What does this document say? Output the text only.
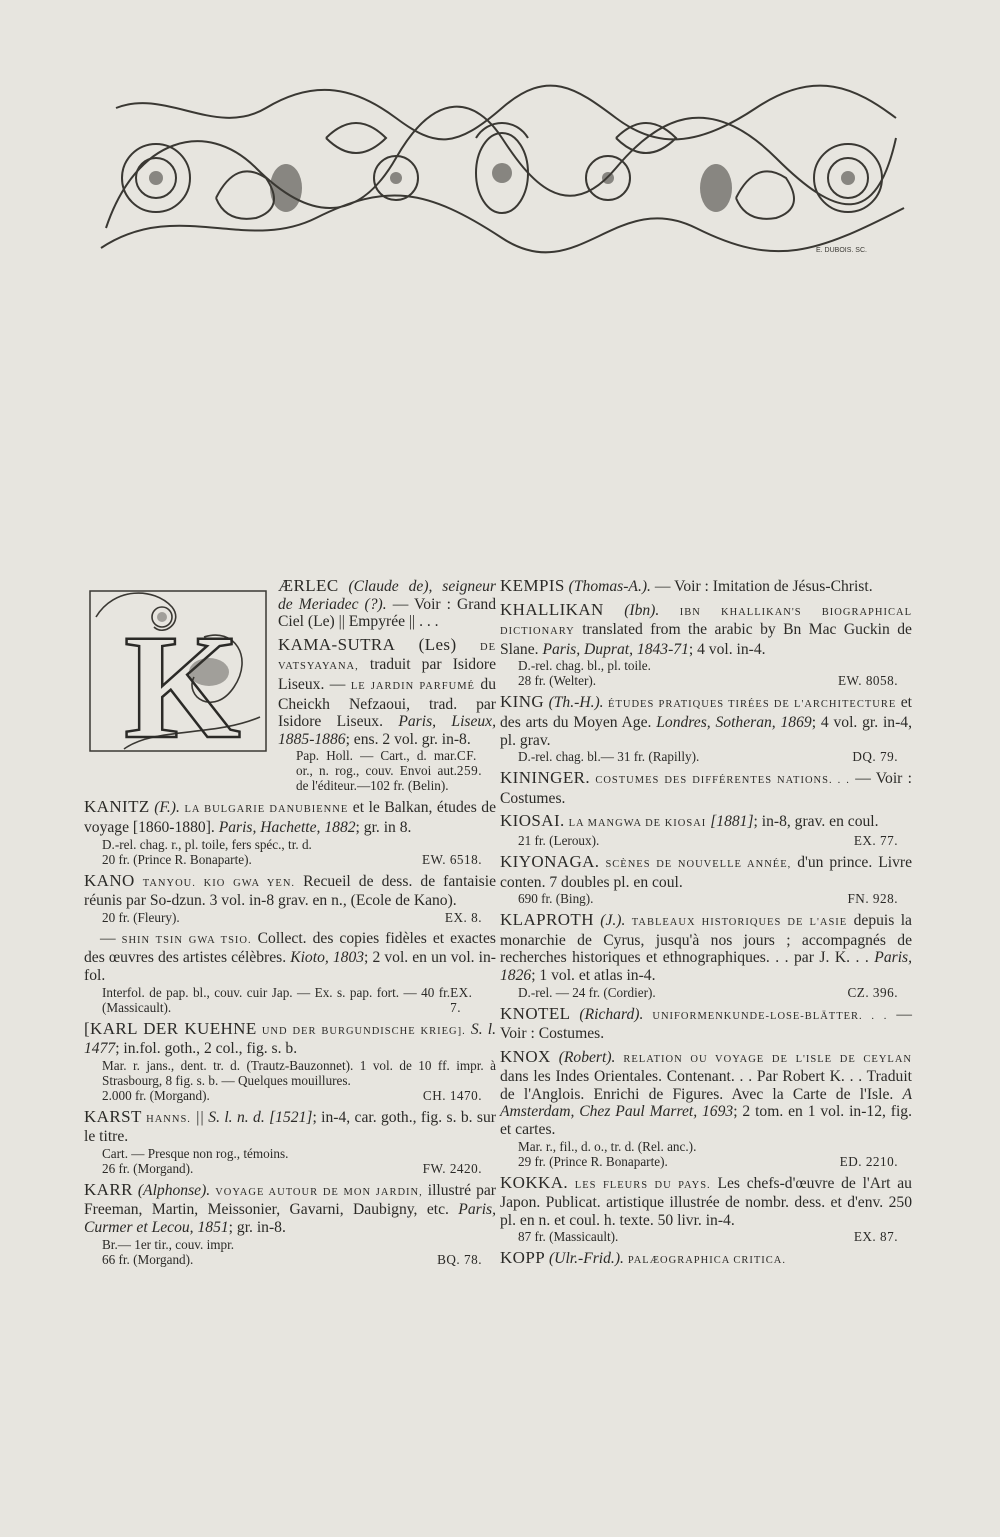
E. DUBOIS. SC.
K

ÆRLEC (Claude de), seigneur de Meriadec (?). — Voir : Grand Ciel (Le) || Empyrée || . . .

KAMA-SUTRA (Les) DE VATSYAYANA, traduit par Isidore Liseux. — LE JARDIN PARFUMÉ du Cheickh Nefzaoui, trad. par Isidore Liseux. Paris, Liseux, 1885-1886; ens. 2 vol. gr. in-8.

Pap. Holl. — Cart., d. mar. or., n. rog., couv. Envoi aut. de l'éditeur.—102 fr. (Belin).
CF. 259.

KANITZ (F.). LA BULGARIE DANUBIENNE et le Balkan, études de voyage [1860-1880]. Paris, Hachette, 1882; gr. in 8.

D.-rel. chag. r., pl. toile, fers spéc., tr. d.

20 fr. (Prince R. Bonaparte).	EW. 6518.

KANO TANYOU. KIO GWA YEN. Recueil de dess. de fantaisie réunis par So-dzun. 3 vol. in-8 grav. en n., (Ecole de Kano).

20 fr. (Fleury).	EX. 8.

— SHIN TSIN GWA TSIO. Collect. des copies fidèles et exactes des œuvres des artistes célèbres. Kioto, 1803; 2 vol. en un vol. in-fol.

Interfol. de pap. bl., couv. cuir Jap. — Ex. s. pap. fort. — 40 fr. (Massicault).
EX. 7.

[KARL DER KUEHNE UND DER BURGUNDISCHE KRIEG]. S. l. 1477; in.fol. goth., 2 col., fig. s. b.

Mar. r. jans., dent. tr. d. (Trautz-Bauzonnet). 1 vol. de 10 ff. impr. à Strasbourg, 8 fig. s. b. — Quelques mouillures.

2.000 fr. (Morgand).	CH. 1470.

KARST HANNS. || S. l. n. d. [1521]; in-4, car. goth., fig. s. b. sur le titre.

Cart. — Presque non rog., témoins.

26 fr. (Morgand).	FW. 2420.

KARR (Alphonse). VOYAGE AUTOUR DE MON JARDIN, illustré par Freeman, Martin, Meissonier, Gavarni, Daubigny, etc. Paris, Curmer et Lecou, 1851; gr. in-8.

Br.— 1er tir., couv. impr.

66 fr. (Morgand).	BQ. 78.

KEMPIS (Thomas-A.). — Voir : Imitation de Jésus-Christ.

KHALLIKAN (Ibn). IBN KHALLIKAN'S BIOGRAPHICAL DICTIONARY translated from the arabic by Bn Mac Guckin de Slane. Paris, Duprat, 1843-71; 4 vol. in-4.

D.-rel. chag. bl., pl. toile.

28 fr. (Welter).	EW. 8058.

KING (Th.-H.). ÉTUDES PRATIQUES TIRÉES DE L'ARCHITECTURE et des arts du Moyen Age. Londres, Sotheran, 1869; 4 vol. gr. in-4, pl. grav.

D.-rel. chag. bl.— 31 fr. (Rapilly).	DQ. 79.

KININGER. COSTUMES DES DIFFÉRENTES NATIONS. . . — Voir : Costumes.

KIOSAI. LA MANGWA DE KIOSAI [1881]; in-8, grav. en coul.

21 fr. (Leroux).	EX. 77.

KIYONAGA. SCÈNES DE NOUVELLE ANNÉE, d'un prince. Livre conten. 7 doubles pl. en coul.

690 fr. (Bing).	FN. 928.

KLAPROTH (J.). TABLEAUX HISTORIQUES DE L'ASIE depuis la monarchie de Cyrus, jusqu'à nos jours ; accompagnés de recherches historiques et ethnographiques. . . par J. K. . . Paris, 1826; 1 vol. et atlas in-4.

D.-rel. — 24 fr. (Cordier).	CZ. 396.

KNOTEL (Richard). UNIFORMENKUNDE-LOSE-BLÄTTER. . . — Voir : Costumes.

KNOX (Robert). RELATION OU VOYAGE DE L'ISLE DE CEYLAN dans les Indes Orientales. Contenant. . . Par Robert K. . . Traduit de l'Anglois. Enrichi de Figures. Avec la Carte de l'Isle. A Amsterdam, Chez Paul Marret, 1693; 2 tom. en 1 vol. in-12, fig. et cartes.

Mar. r., fil., d. o., tr. d. (Rel. anc.).

29 fr. (Prince R. Bonaparte).	ED. 2210.

KOKKA. LES FLEURS DU PAYS. Les chefs-d'œuvre de l'Art au Japon. Publicat. artistique illustrée de nombr. dess. et d'env. 250 pl. en n. et coul. h. texte. 50 livr. in-4.

87 fr. (Massicault).	EX. 87.

KOPP (Ulr.-Frid.). PALÆOGRAPHICA CRITICA.
